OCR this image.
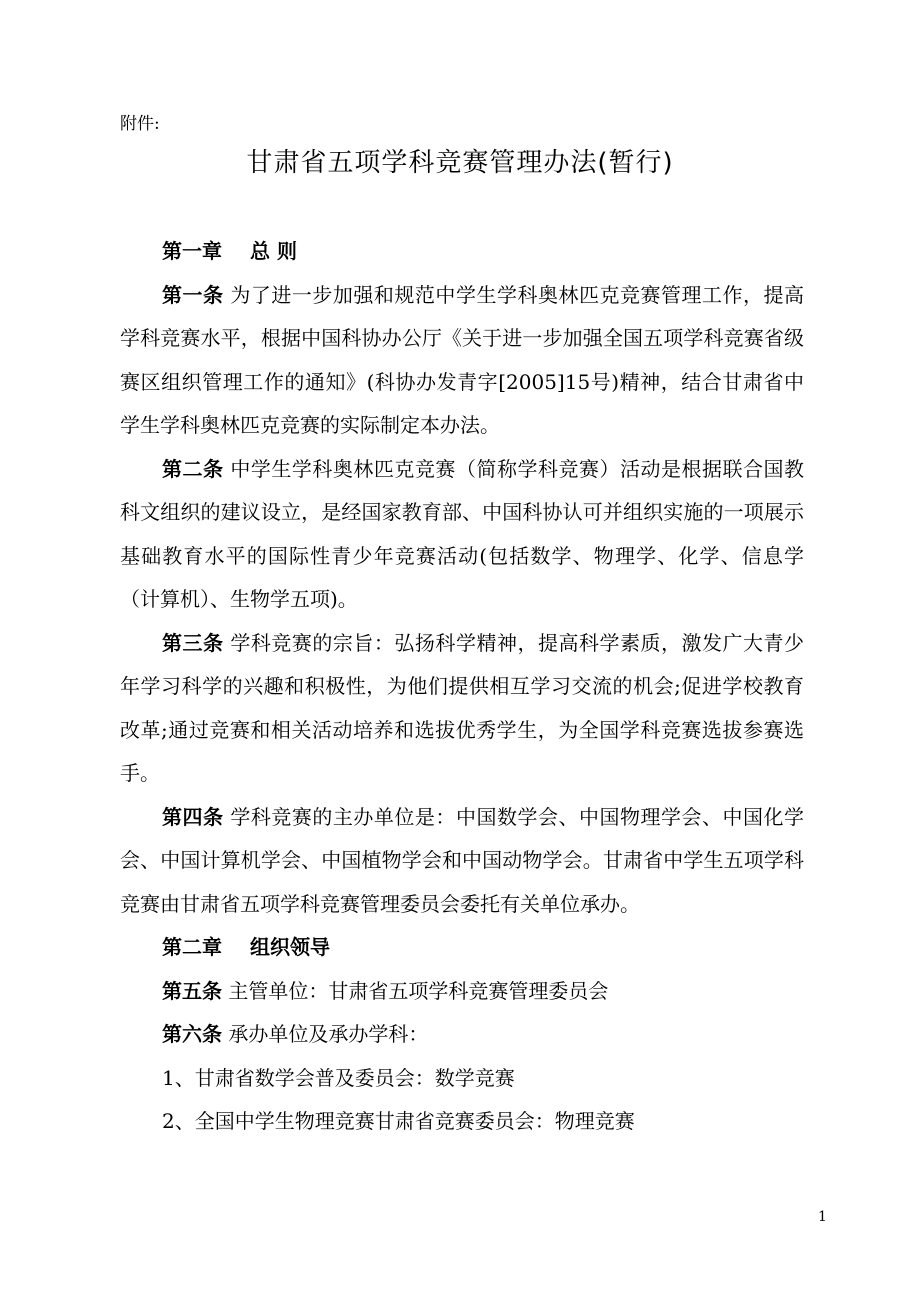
附件:
甘肃省五项学科竞赛管理办法(暂行)

第一章 总 则

第一条 为了进一步加强和规范中学生学科奥林匹克竞赛管理工作，提高学科竞赛水平，根据中国科协办公厅《关于进一步加强全国五项学科竞赛省级赛区组织管理工作的通知》(科协办发青字[2005]15号)精神，结合甘肃省中学生学科奥林匹克竞赛的实际制定本办法。

第二条 中学生学科奥林匹克竞赛（简称学科竞赛）活动是根据联合国教科文组织的建议设立，是经国家教育部、中国科协认可并组织实施的一项展示基础教育水平的国际性青少年竞赛活动(包括数学、物理学、化学、信息学（计算机）、生物学五项)。

第三条 学科竞赛的宗旨：弘扬科学精神，提高科学素质，激发广大青少年学习科学的兴趣和积极性，为他们提供相互学习交流的机会;促进学校教育改革;通过竞赛和相关活动培养和选拔优秀学生，为全国学科竞赛选拔参赛选手。

第四条 学科竞赛的主办单位是：中国数学会、中国物理学会、中国化学会、中国计算机学会、中国植物学会和中国动物学会。甘肃省中学生五项学科竞赛由甘肃省五项学科竞赛管理委员会委托有关单位承办。

第二章 组织领导

第五条 主管单位：甘肃省五项学科竞赛管理委员会

第六条 承办单位及承办学科：

1、甘肃省数学会普及委员会：数学竞赛

2、全国中学生物理竞赛甘肃省竞赛委员会：物理竞赛

1
